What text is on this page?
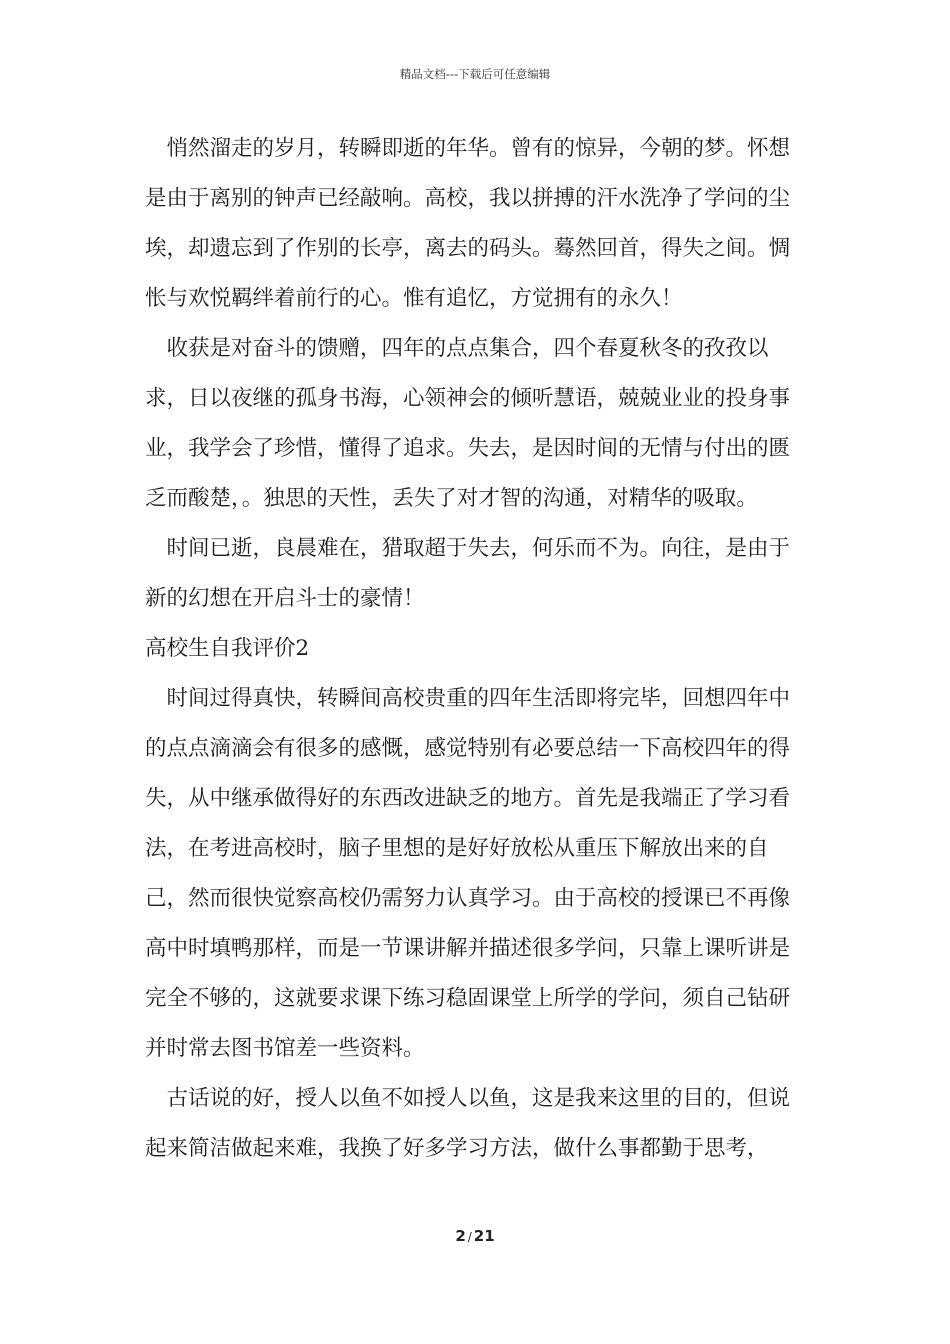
精品文档---下载后可任意编辑

悄然溜走的岁月，转瞬即逝的年华。曾有的惊异，今朝的梦。怀想是由于离别的钟声已经敲响。高校，我以拼搏的汗水洗净了学问的尘埃，却遗忘到了作别的长亭，离去的码头。蓦然回首，得失之间。惆怅与欢悦羁绊着前行的心。惟有追忆，方觉拥有的永久！

收获是对奋斗的馈赠，四年的点点集合，四个春夏秋冬的孜孜以求，日以夜继的孤身书海，心领神会的倾听慧语，兢兢业业的投身事业，我学会了珍惜，懂得了追求。失去，是因时间的无情与付出的匮乏而酸楚，。独思的天性，丢失了对才智的沟通，对精华的吸取。

时间已逝，良晨难在，猎取超于失去，何乐而不为。向往，是由于新的幻想在开启斗士的豪情！

高校生自我评价2

时间过得真快，转瞬间高校贵重的四年生活即将完毕，回想四年中的点点滴滴会有很多的感慨，感觉特别有必要总结一下高校四年的得失，从中继承做得好的东西改进缺乏的地方。首先是我端正了学习看法，在考进高校时，脑子里想的是好好放松从重压下解放出来的自己，然而很快觉察高校仍需努力认真学习。由于高校的授课已不再像高中时填鸭那样，而是一节课讲解并描述很多学问，只靠上课听讲是完全不够的，这就要求课下练习稳固课堂上所学的学问，须自己钻研并时常去图书馆差一些资料。

古话说的好，授人以鱼不如授人以鱼，这是我来这里的目的，但说起来简洁做起来难，我换了好多学习方法，做什么事都勤于思考，

2 / 21
